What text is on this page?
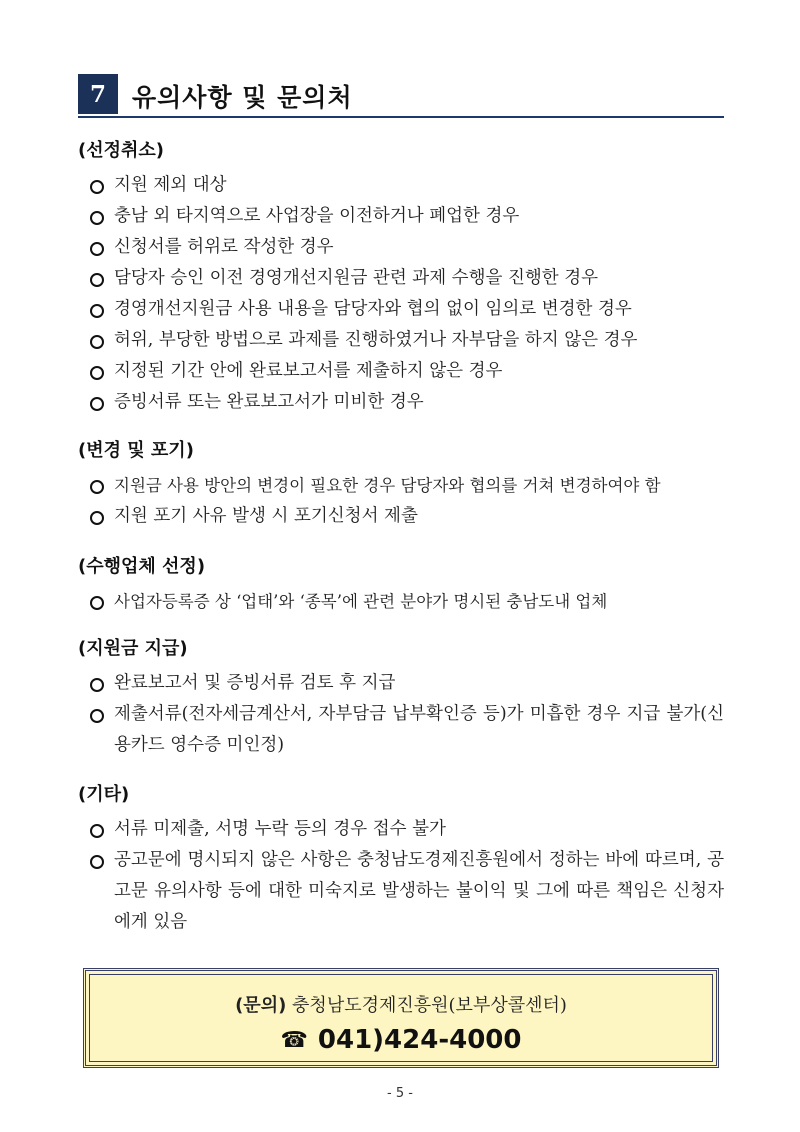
7	유의사항 및 문의처
(선정취소)
지원 제외 대상
충남 외 타지역으로 사업장을 이전하거나 폐업한 경우
신청서를 허위로 작성한 경우
담당자 승인 이전 경영개선지원금 관련 과제 수행을 진행한 경우
경영개선지원금 사용 내용을 담당자와 협의 없이 임의로 변경한 경우
허위, 부당한 방법으로 과제를 진행하였거나 자부담을 하지 않은 경우
지정된 기간 안에 완료보고서를 제출하지 않은 경우
증빙서류 또는 완료보고서가 미비한 경우
(변경 및 포기)
지원금 사용 방안의 변경이 필요한 경우 담당자와 협의를 거쳐 변경하여야 함
지원 포기 사유 발생 시 포기신청서 제출
(수행업체 선정)
사업자등록증 상 ‘업태’와 ‘종목’에 관련 분야가 명시된 충남도내 업체
(지원금 지급)
완료보고서 및 증빙서류 검토 후 지급
제출서류(전자세금계산서, 자부담금 납부확인증 등)가 미흡한 경우 지급 불가(신용카드 영수증 미인정)
(기타)
서류 미제출, 서명 누락 등의 경우 접수 불가
공고문에 명시되지 않은 사항은 충청남도경제진흥원에서 정하는 바에 따르며, 공고문 유의사항 등에 대한 미숙지로 발생하는 불이익 및 그에 따른 책임은 신청자에게 있음
(문의) 충청남도경제진흥원(보부상콜센터)
☎ 041)424-4000
- 5 -
